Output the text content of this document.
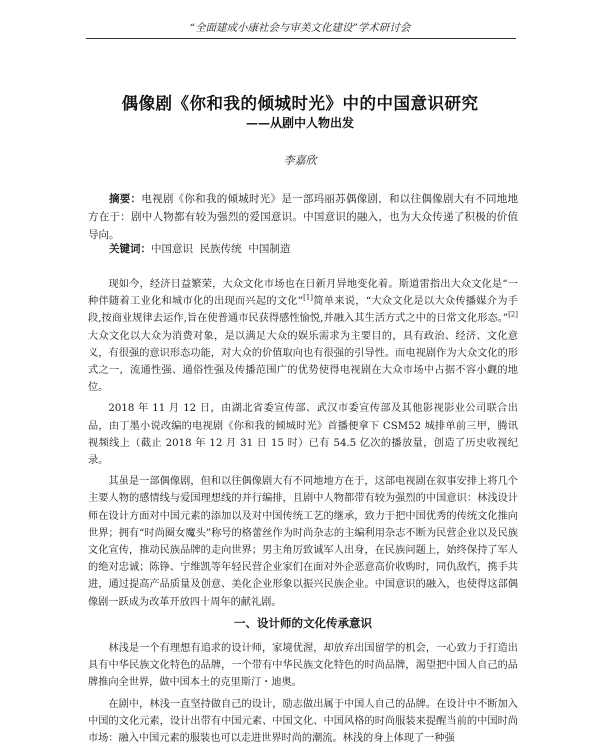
“全面建成小康社会与审美文化建设”学术研讨会
偶像剧《你和我的倾城时光》中的中国意识研究
——从剧中人物出发
李嘉欣

摘要：电视剧《你和我的倾城时光》是一部玛丽苏偶像剧，和以往偶像剧大有不同地地方在于：剧中人物都有较为强烈的爱国意识。中国意识的融入，也为大众传递了积极的价值导向。

关键词：中国意识  民族传统  中国制造

现如今，经济日益繁荣，大众文化市场也在日新月异地变化着。斯道雷指出大众文化是“一种伴随着工业化和城市化的出现而兴起的文化”[1]简单来说，“大众文化是以大众传播媒介为手段,按商业规律去运作,旨在使普通市民获得感性愉悦,并融入其生活方式之中的日常文化形态。”[2]大众文化以大众为消费对象，是以满足大众的娱乐需求为主要目的，具有政治、经济、文化意义，有很强的意识形态功能，对大众的价值取向也有很强的引导性。而电视剧作为大众文化的形式之一，流通性强、通俗性强及传播范围广的优势使得电视剧在大众市场中占据不容小觑的地位。

2018 年 11 月 12 日，由湖北省委宣传部、武汉市委宣传部及其他影视影业公司联合出品，由丁墨小说改编的电视剧《你和我的倾城时光》首播便拿下 CSM52 城排单前三甲，腾讯视频线上（截止 2018 年 12 月 31 日 15 时）已有 54.5 亿次的播放量，创造了历史收视纪录。

其虽是一部偶像剧，但和以往偶像剧大有不同地地方在于，这部电视剧在叙事安排上将几个主要人物的感情线与爱国理想线的并行编排，且剧中人物都带有较为强烈的中国意识：林浅设计师在设计方面对中国元素的添加以及对中国传统工艺的继承，致力于把中国优秀的传统文化推向世界；拥有“时尚圈女魔头”称号的格蕾丝作为时尚杂志的主编利用杂志不断为民营企业以及民族文化宣传，推动民族品牌的走向世界；男主角厉致诚军人出身，在民族问题上，始终保持了军人的绝对忠诚；陈铮、宁维凯等年轻民营企业家们在面对外企恶意高价收购时，同仇敌忾，携手共进，通过提高产品质量及创意、美化企业形象以振兴民族企业。中国意识的融入，也使得这部偶像剧一跃成为改革开放四十周年的献礼剧。

一、设计师的文化传承意识

林浅是一个有理想有追求的设计师，家境优渥，却放弃出国留学的机会，一心致力于打造出具有中华民族文化特色的品牌，一个带有中华民族文化特色的时尚品牌，渴望把中国人自己的品牌推向全世界，做中国本土的克里斯汀・迪奥。

在剧中，林浅一直坚持做自己的设计，励志做出属于中国人自己的品牌。在设计中不断加入中国的文化元素，设计出带有中国元素、中国文化、中国风格的时尚服装来提醒当前的中国时尚市场：融入中国元素的服装也可以走进世界时尚的潮流。林浅的身上体现了一种强
